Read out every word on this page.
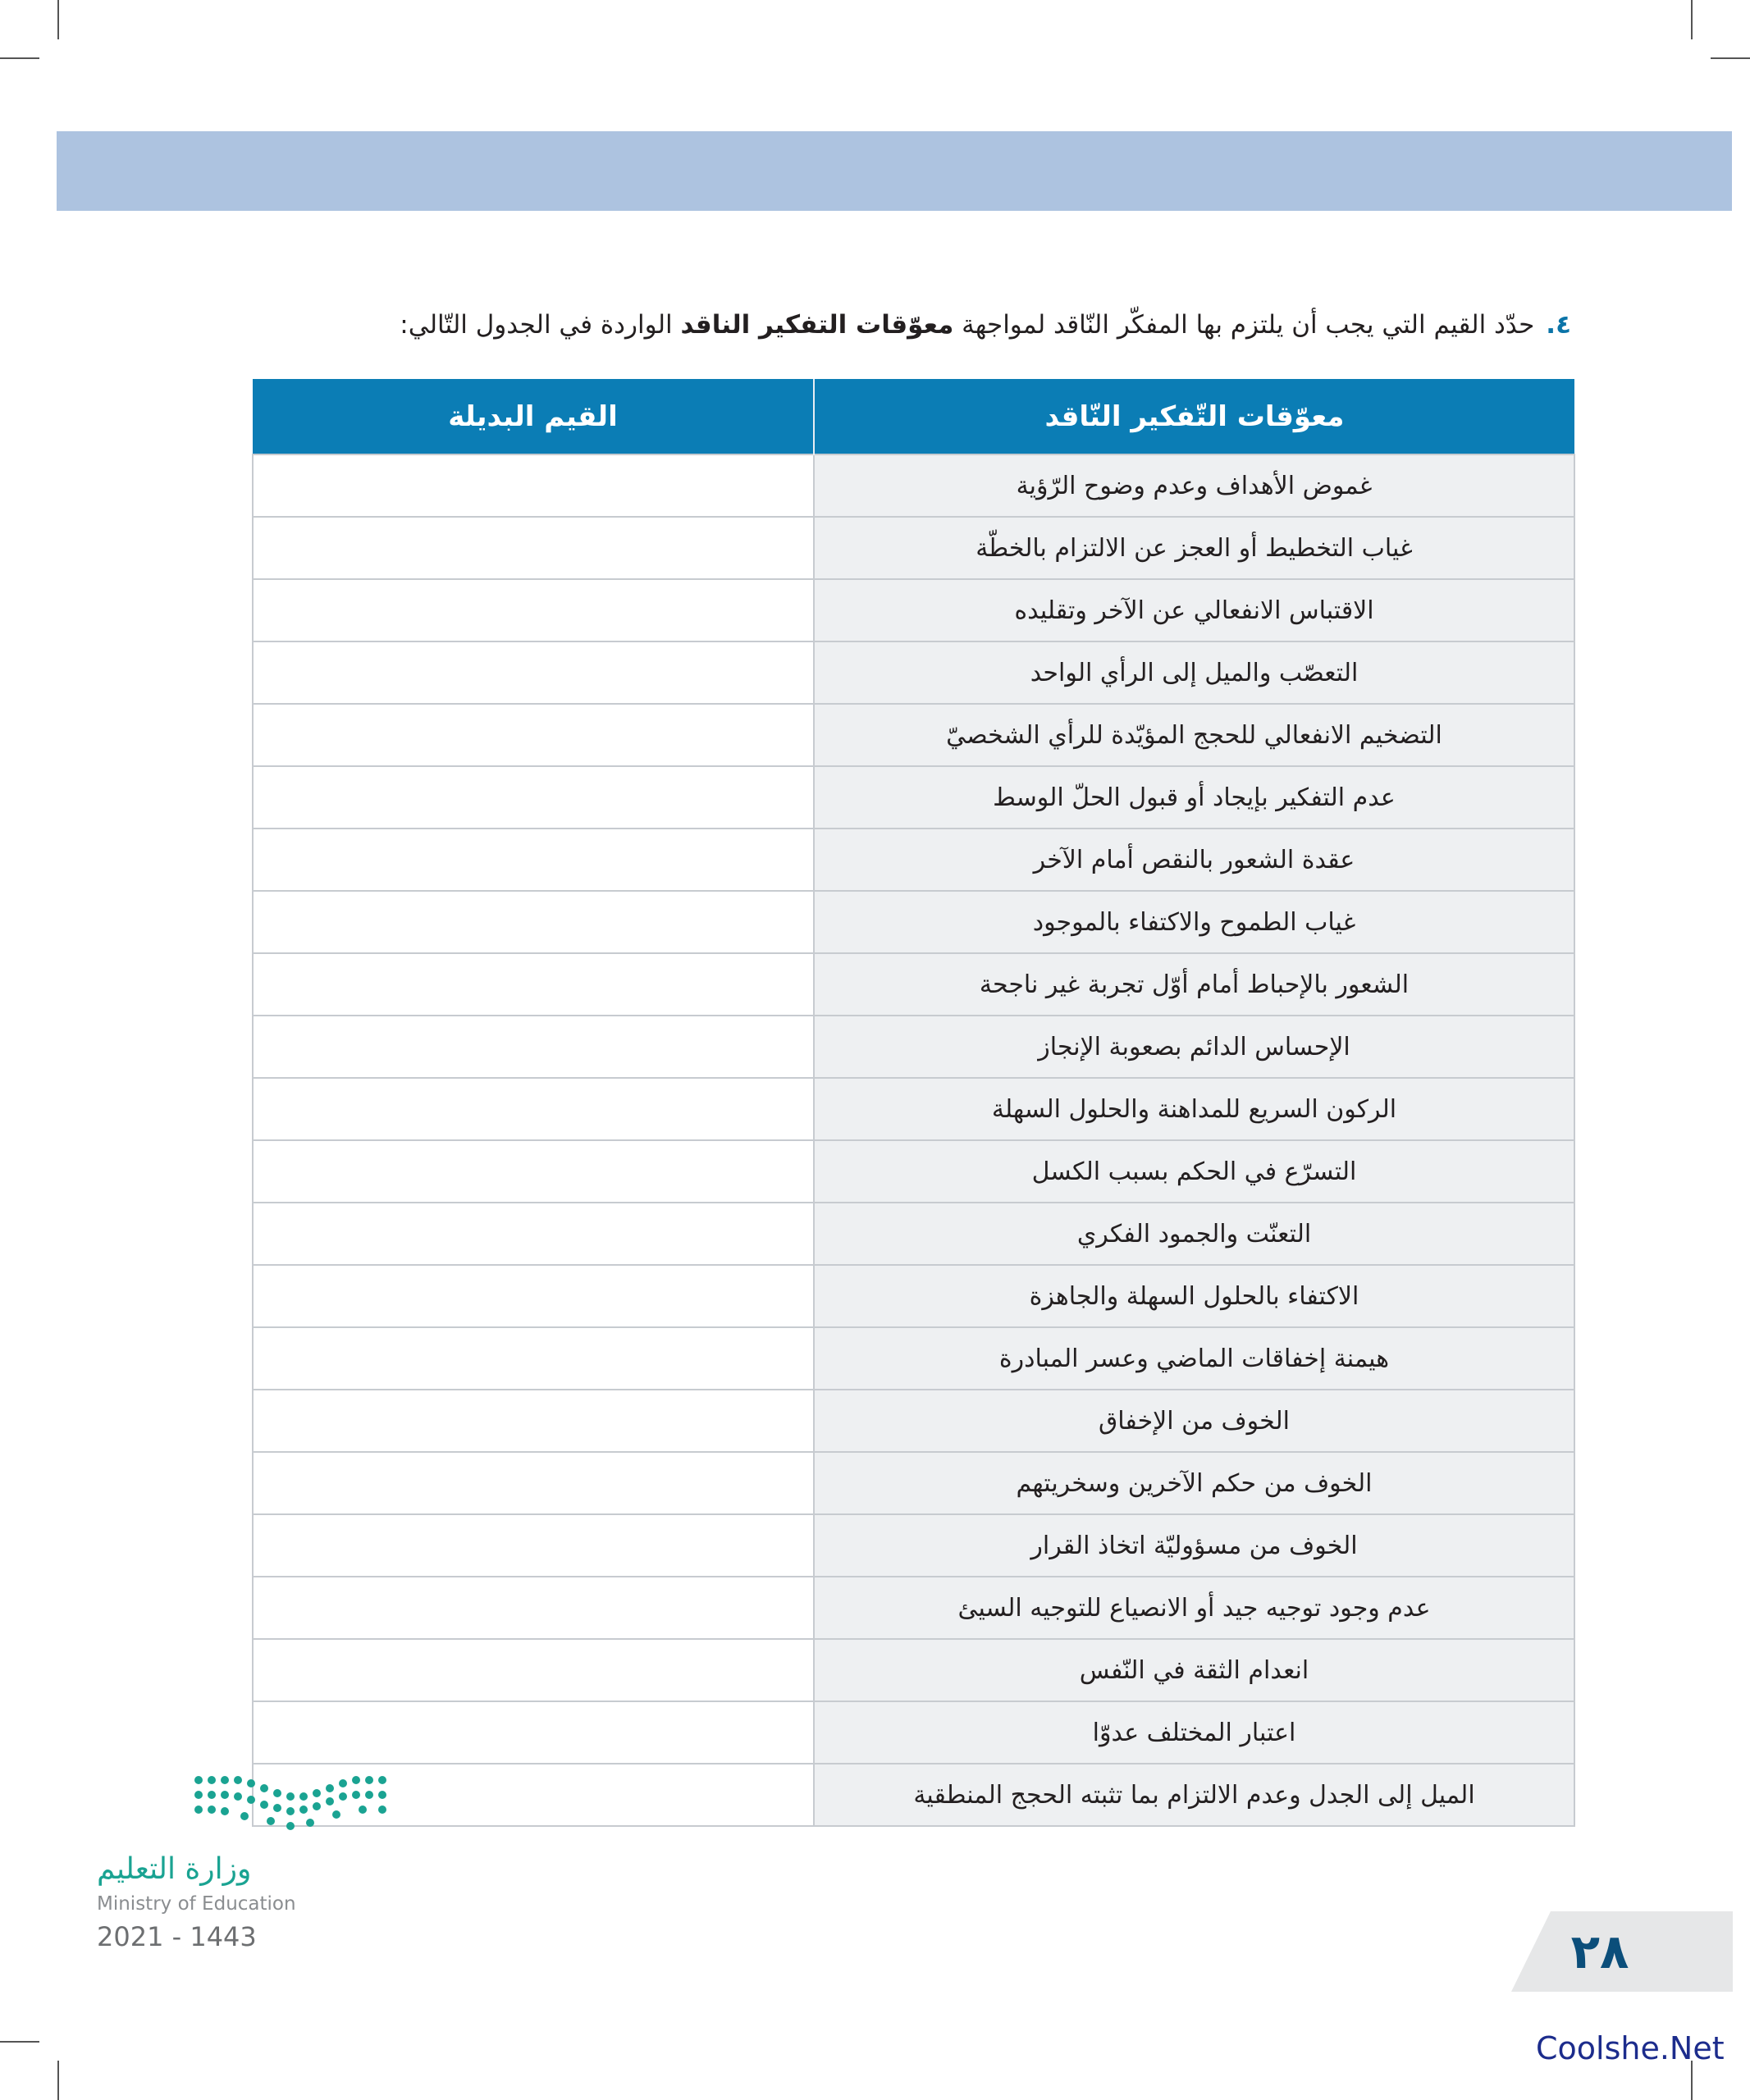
٤.حدّد القيم التي يجب أن يلتزم بها المفكّر النّاقد لمواجهة معوّقات التفكير الناقد الواردة في الجدول التّالي:
معوّقات التّفكير النّاقد	القيم البديلة
غموض الأهداف وعدم وضوح الرّؤية	
غياب التخطيط أو العجز عن الالتزام بالخطّة	
الاقتباس الانفعالي عن الآخر وتقليده	
التعصّب والميل إلى الرأي الواحد	
التضخيم الانفعالي للحجج المؤيّدة للرأي الشخصيّ	
عدم التفكير بإيجاد أو قبول الحلّ الوسط	
عقدة الشعور بالنقص أمام الآخر	
غياب الطموح والاكتفاء بالموجود	
الشعور بالإحباط أمام أوّل تجربة غير ناجحة	
الإحساس الدائم بصعوبة الإنجاز	
الركون السريع للمداهنة والحلول السهلة	
التسرّع في الحكم بسبب الكسل	
التعنّت والجمود الفكري	
الاكتفاء بالحلول السهلة والجاهزة	
هيمنة إخفاقات الماضي وعسر المبادرة	
الخوف من الإخفاق	
الخوف من حكم الآخرين وسخريتهم	
الخوف من مسؤوليّة اتخاذ القرار	
عدم وجود توجيه جيد أو الانصياع للتوجيه السيئ	
انعدام الثقة في النّفس	
اعتبار المختلف عدوّا	
الميل إلى الجدل وعدم الالتزام بما تثبته الحجج المنطقية	
وزارة التعليم
Ministry of Education
2021 - 1443	٢٨
Coolshe.Net
